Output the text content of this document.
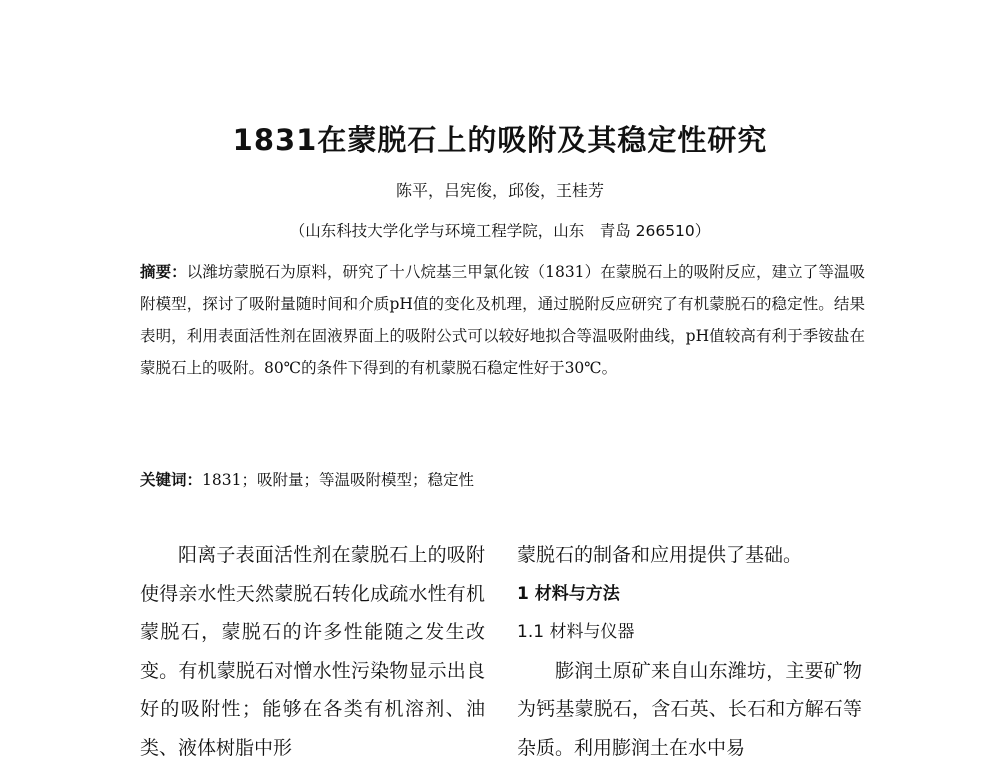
1831在蒙脱石上的吸附及其稳定性研究
陈平，吕宪俊，邱俊，王桂芳
（山东科技大学化学与环境工程学院，山东　青岛 266510）
摘要：以潍坊蒙脱石为原料，研究了十八烷基三甲氯化铵（1831）在蒙脱石上的吸附反应，建立了等温吸附模型，探讨了吸附量随时间和介质pH值的变化及机理，通过脱附反应研究了有机蒙脱石的稳定性。结果表明，利用表面活性剂在固液界面上的吸附公式可以较好地拟合等温吸附曲线，pH值较高有利于季铵盐在蒙脱石上的吸附。80℃的条件下得到的有机蒙脱石稳定性好于30℃。
关键词：1831；吸附量；等温吸附模型；稳定性

阳离子表面活性剂在蒙脱石上的吸附使得亲水性天然蒙脱石转化成疏水性有机蒙脱石，蒙脱石的许多性能随之发生改变。有机蒙脱石对憎水性污染物显示出良好的吸附性；能够在各类有机溶剂、油类、液体树脂中形

蒙脱石的制备和应用提供了基础。

1 材料与方法

1.1 材料与仪器

膨润土原矿来自山东潍坊，主要矿物为钙基蒙脱石，含石英、长石和方解石等杂质。利用膨润土在水中易
